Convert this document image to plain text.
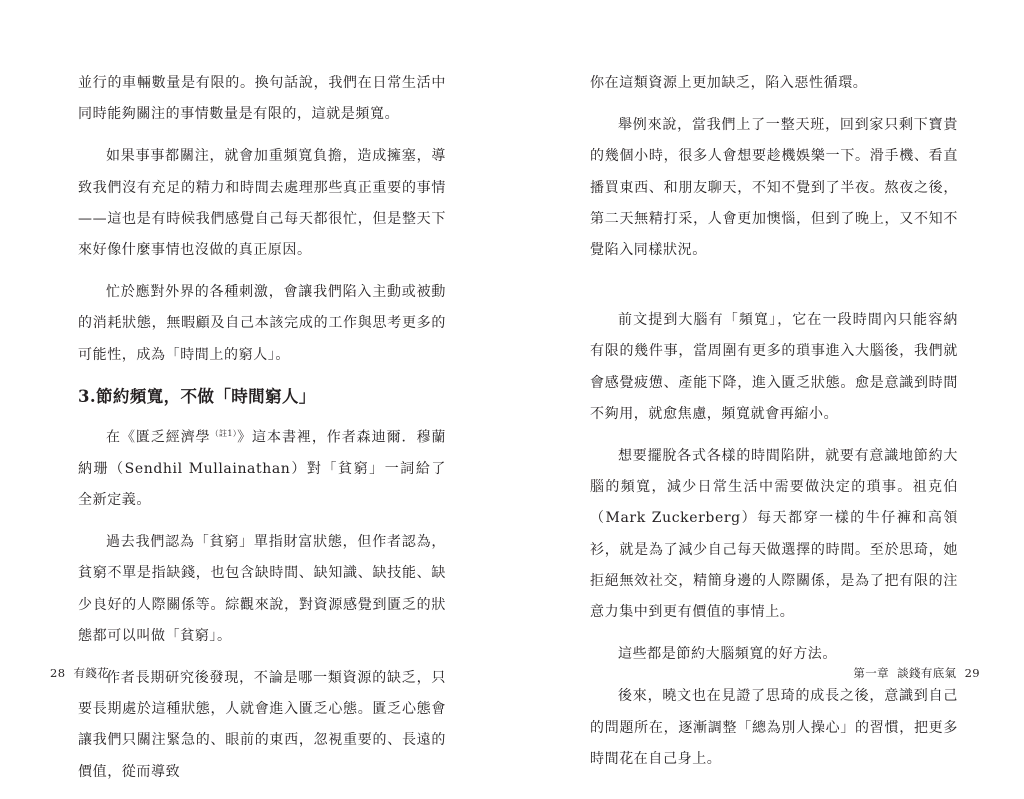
並行的車輛數量是有限的。換句話說，我們在日常生活中同時能夠關注的事情數量是有限的，這就是頻寬。

如果事事都關注，就會加重頻寬負擔，造成擁塞，導致我們沒有充足的精力和時間去處理那些真正重要的事情——這也是有時候我們感覺自己每天都很忙，但是整天下來好像什麼事情也沒做的真正原因。

忙於應對外界的各種刺激，會讓我們陷入主動或被動的消耗狀態，無暇顧及自己本該完成的工作與思考更多的可能性，成為「時間上的窮人」。

3.節約頻寬，不做「時間窮人」

在《匱乏經濟學$^{(註1)}$》這本書裡，作者森迪爾．穆蘭納珊（Sendhil Mullainathan）對「貧窮」一詞給了全新定義。

過去我們認為「貧窮」單指財富狀態，但作者認為，貧窮不單是指缺錢，也包含缺時間、缺知識、缺技能、缺少良好的人際關係等。綜觀來說，對資源感覺到匱乏的狀態都可以叫做「貧窮」。

作者長期研究後發現，不論是哪一類資源的缺乏，只要長期處於這種狀態，人就會進入匱乏心態。匱乏心態會讓我們只關注緊急的、眼前的東西，忽視重要的、長遠的價值，從而導致

你在這類資源上更加缺乏，陷入惡性循環。

舉例來說，當我們上了一整天班，回到家只剩下寶貴的幾個小時，很多人會想要趁機娛樂一下。滑手機、看直播買東西、和朋友聊天，不知不覺到了半夜。熬夜之後，第二天無精打采，人會更加懊惱，但到了晚上，又不知不覺陷入同樣狀況。

前文提到大腦有「頻寬」，它在一段時間內只能容納有限的幾件事，當周圍有更多的瑣事進入大腦後，我們就會感覺疲憊、產能下降，進入匱乏狀態。愈是意識到時間不夠用，就愈焦慮，頻寬就會再縮小。

想要擺脫各式各樣的時間陷阱，就要有意識地節約大腦的頻寬，減少日常生活中需要做決定的瑣事。祖克伯（Mark Zuckerberg）每天都穿一樣的牛仔褲和高領衫，就是為了減少自己每天做選擇的時間。至於思琦，她拒絕無效社交，精簡身邊的人際關係，是為了把有限的注意力集中到更有價值的事情上。

這些都是節約大腦頻寬的好方法。

後來，曉文也在見證了思琦的成長之後，意識到自己的問題所在，逐漸調整「總為別人操心」的習慣，把更多時間花在自己身上。

28 有錢花	第一章 談錢有底氣 29
